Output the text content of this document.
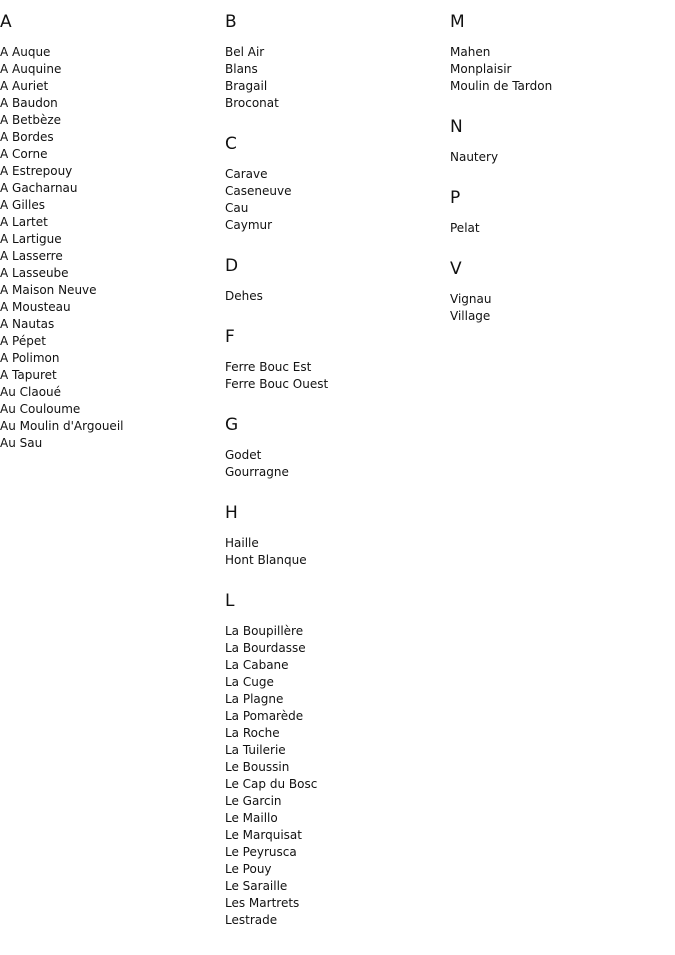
A
A Auque
A Auquine
A Auriet
A Baudon
A Betbèze
A Bordes
A Corne
A Estrepouy
A Gacharnau
A Gilles
A Lartet
A Lartigue
A Lasserre
A Lasseube
A Maison Neuve
A Mousteau
A Nautas
A Pépet
A Polimon
A Tapuret
Au Claoué
Au Couloume
Au Moulin d'Argoueil
Au Sau
B
Bel Air
Blans
Bragail
Broconat
C
Carave
Caseneuve
Cau
Caymur
D
Dehes
F
Ferre Bouc Est
Ferre Bouc Ouest
G
Godet
Gourragne
H
Haille
Hont Blanque
L
La Boupillère
La Bourdasse
La Cabane
La Cuge
La Plagne
La Pomarède
La Roche
La Tuilerie
Le Boussin
Le Cap du Bosc
Le Garcin
Le Maillo
Le Marquisat
Le Peyrusca
Le Pouy
Le Saraille
Les Martrets
Lestrade
M
Mahen
Monplaisir
Moulin de Tardon
N
Nautery
P
Pelat
V
Vignau
Village
